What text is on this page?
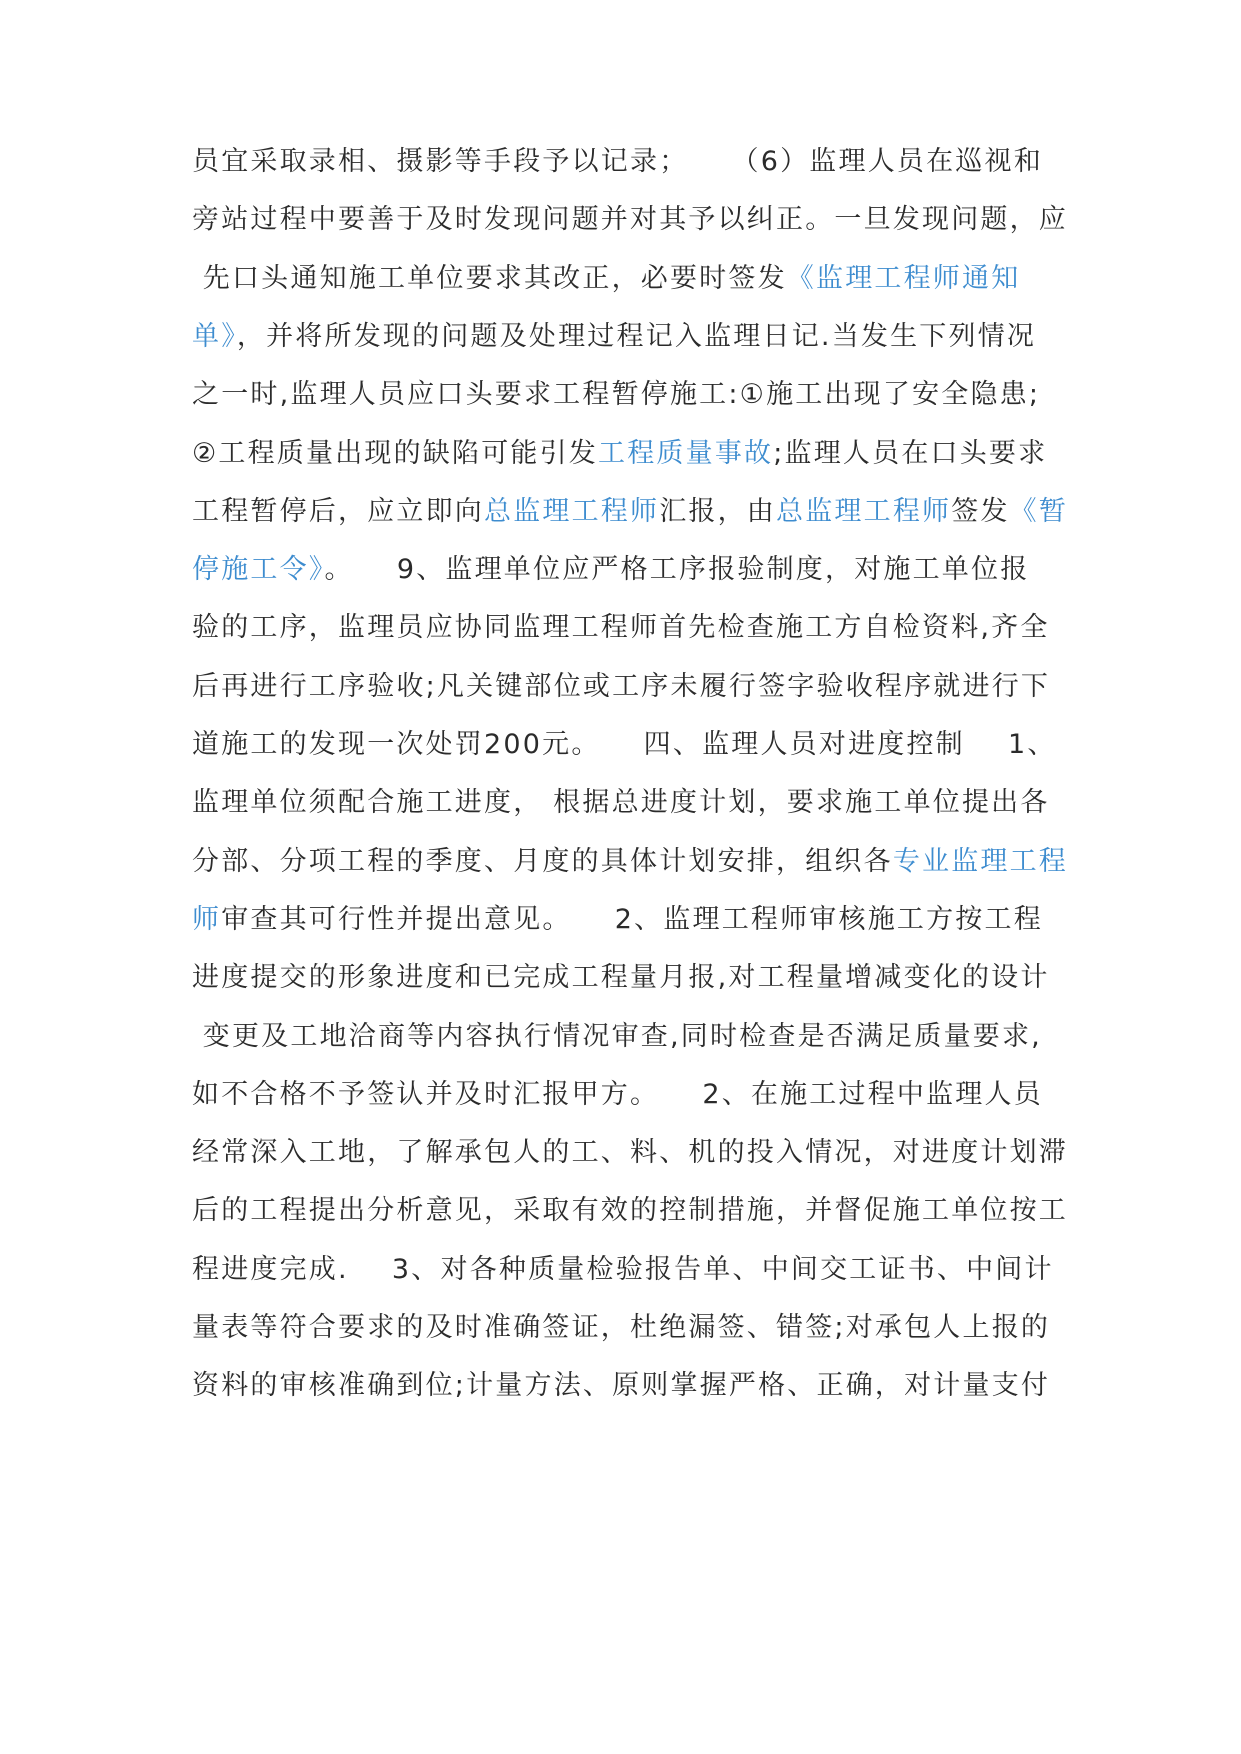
员宜采取录相、摄影等手段予以记录；    （6）监理人员在巡视和
旁站过程中要善于及时发现问题并对其予以纠正。一旦发现问题，应
先口头通知施工单位要求其改正，必要时签发《监理工程师通知
单》，并将所发现的问题及处理过程记入监理日记.当发生下列情况
之一时,监理人员应口头要求工程暂停施工:①施工出现了安全隐患;
②工程质量出现的缺陷可能引发工程质量事故;监理人员在口头要求
工程暂停后，应立即向总监理工程师汇报，由总监理工程师签发《暂
停施工令》。    9、监理单位应严格工序报验制度，对施工单位报
验的工序，监理员应协同监理工程师首先检查施工方自检资料,齐全
后再进行工序验收;凡关键部位或工序未履行签字验收程序就进行下
道施工的发现一次处罚200元。    四、监理人员对进度控制    1、
监理单位须配合施工进度， 根据总进度计划，要求施工单位提出各
分部、分项工程的季度、月度的具体计划安排，组织各专业监理工程
师审查其可行性并提出意见。    2、监理工程师审核施工方按工程
进度提交的形象进度和已完成工程量月报,对工程量增减变化的设计
变更及工地洽商等内容执行情况审查,同时检查是否满足质量要求,
如不合格不予签认并及时汇报甲方。    2、在施工过程中监理人员
经常深入工地，了解承包人的工、料、机的投入情况，对进度计划滞
后的工程提出分析意见，采取有效的控制措施，并督促施工单位按工
程进度完成.    3、对各种质量检验报告单、中间交工证书、中间计
量表等符合要求的及时准确签证，杜绝漏签、错签;对承包人上报的
资料的审核准确到位;计量方法、原则掌握严格、正确，对计量支付
